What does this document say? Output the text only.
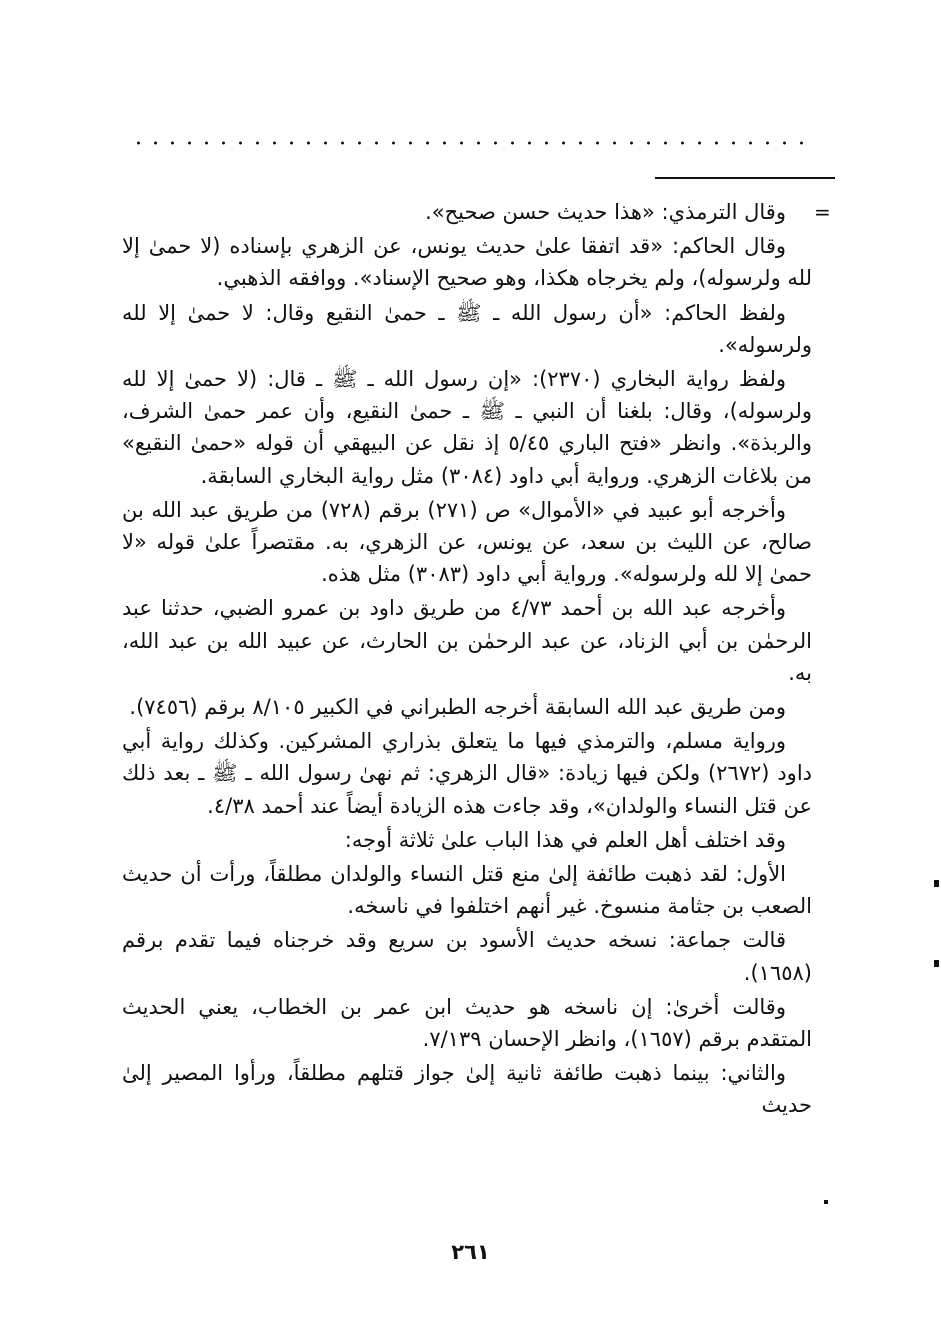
=

وقال الترمذي: «هذا حديث حسن صحيح».

وقال الحاكم: «قد اتفقا علىٰ حديث يونس، عن الزهري بإسناده (لا حمىٰ إلا لله ولرسوله)، ولم يخرجاه هكذا، وهو صحيح الإسناد». ووافقه الذهبي.

ولفظ الحاكم: «أن رسول الله ـ ﷺ ـ حمىٰ النقيع وقال: لا حمىٰ إلا لله ولرسوله».

ولفظ رواية البخاري (٢٣٧٠): «إن رسول الله ـ ﷺ ـ قال: (لا حمىٰ إلا لله ولرسوله)، وقال: بلغنا أن النبي ـ ﷺ ـ حمىٰ النقيع، وأن عمر حمىٰ الشرف، والربذة». وانظر «فتح الباري ٥/٤٥ إذ نقل عن البيهقي أن قوله «حمىٰ النقيع» من بلاغات الزهري. ورواية أبي داود (٣٠٨٤) مثل رواية البخاري السابقة.

وأخرجه أبو عبيد في «الأموال» ص (٢٧١) برقم (٧٢٨) من طريق عبد الله بن صالح، عن الليث بن سعد، عن يونس، عن الزهري، به. مقتصراً علىٰ قوله «لا حمىٰ إلا لله ولرسوله». ورواية أبي داود (٣٠٨٣) مثل هذه.

وأخرجه عبد الله بن أحمد ٤/٧٣ من طريق داود بن عمرو الضبي، حدثنا عبد الرحمٰن بن أبي الزناد، عن عبد الرحمٰن بن الحارث، عن عبيد الله بن عبد الله، به.

ومن طريق عبد الله السابقة أخرجه الطبراني في الكبير ٨/١٠٥ برقم (٧٤٥٦).

ورواية مسلم، والترمذي فيها ما يتعلق بذراري المشركين. وكذلك رواية أبي داود (٢٦٧٢) ولكن فيها زيادة: «قال الزهري: ثم نهىٰ رسول الله ـ ﷺ ـ بعد ذلك عن قتل النساء والولدان»، وقد جاءت هذه الزيادة أيضاً عند أحمد ٤/٣٨.

وقد اختلف أهل العلم في هذا الباب علىٰ ثلاثة أوجه:

الأول: لقد ذهبت طائفة إلىٰ منع قتل النساء والولدان مطلقاً، ورأت أن حديث الصعب بن جثامة منسوخ. غير أنهم اختلفوا في ناسخه.

قالت جماعة: نسخه حديث الأسود بن سريع وقد خرجناه فيما تقدم برقم (١٦٥٨).

وقالت أخرىٰ: إن ناسخه هو حديث ابن عمر بن الخطاب، يعني الحديث المتقدم برقم (١٦٥٧)، وانظر الإحسان ٧/١٣٩.

والثاني: بينما ذهبت طائفة ثانية إلىٰ جواز قتلهم مطلقاً، ورأوا المصير إلىٰ حديث

٢٦١
